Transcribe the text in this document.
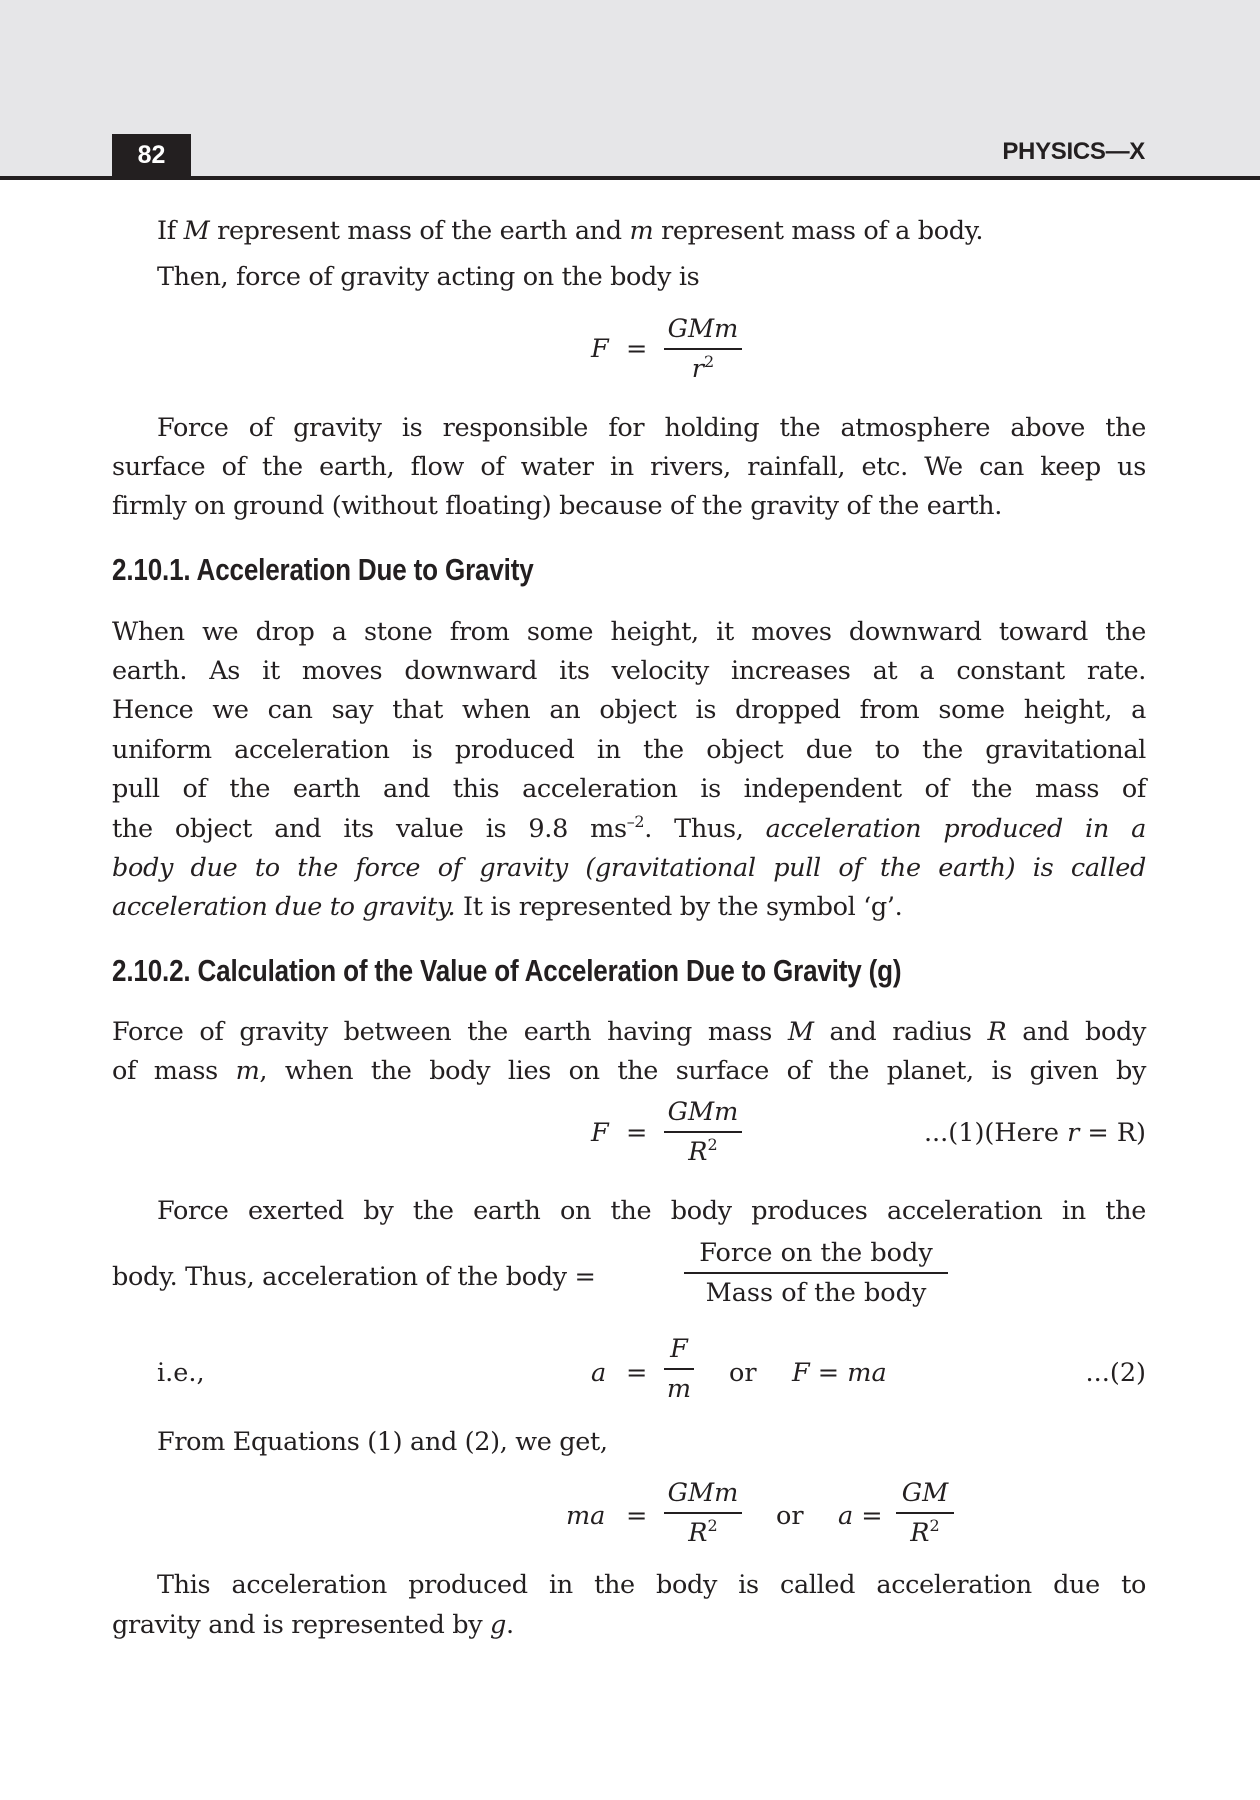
82	PHYSICS—X
If M represent mass of the earth and m represent mass of a body.
Then, force of gravity acting on the body is
F =
GMm
$r^2$
Force of gravity is responsible for holding the atmosphere above the
surface of the earth, flow of water in rivers, rainfall, etc. We can keep us
firmly on ground (without floating) because of the gravity of the earth.
2.10.1. Acceleration Due to Gravity
When we drop a stone from some height, it moves downward toward the
earth. As it moves downward its velocity increases at a constant rate.
Hence we can say that when an object is dropped from some height, a
uniform acceleration is produced in the object due to the gravitational
pull of the earth and this acceleration is independent of the mass of
the object and its value is 9.8 $ms^{-2}$. Thus, acceleration produced in a
body due to the force of gravity (gravitational pull of the earth) is called
acceleration due to gravity. It is represented by the symbol ‘g’.
2.10.2. Calculation of the Value of Acceleration Due to Gravity (g)
Force of gravity between the earth having mass M and radius R and body
of mass m, when the body lies on the surface of the planet, is given by
F =
GMm
$R^2$	...(1)(Here r = R)
Force exerted by the earth on the body produces acceleration in the
body. Thus, acceleration of the body =
Force on the body
Mass of the body
i.e.,	a =
F
m
or F = ma	...(2)
From Equations (1) and (2), we get,
ma =
GMm
$R^2$ or a =
GM
$R^2$
This acceleration produced in the body is called acceleration due to
gravity and is represented by g.
